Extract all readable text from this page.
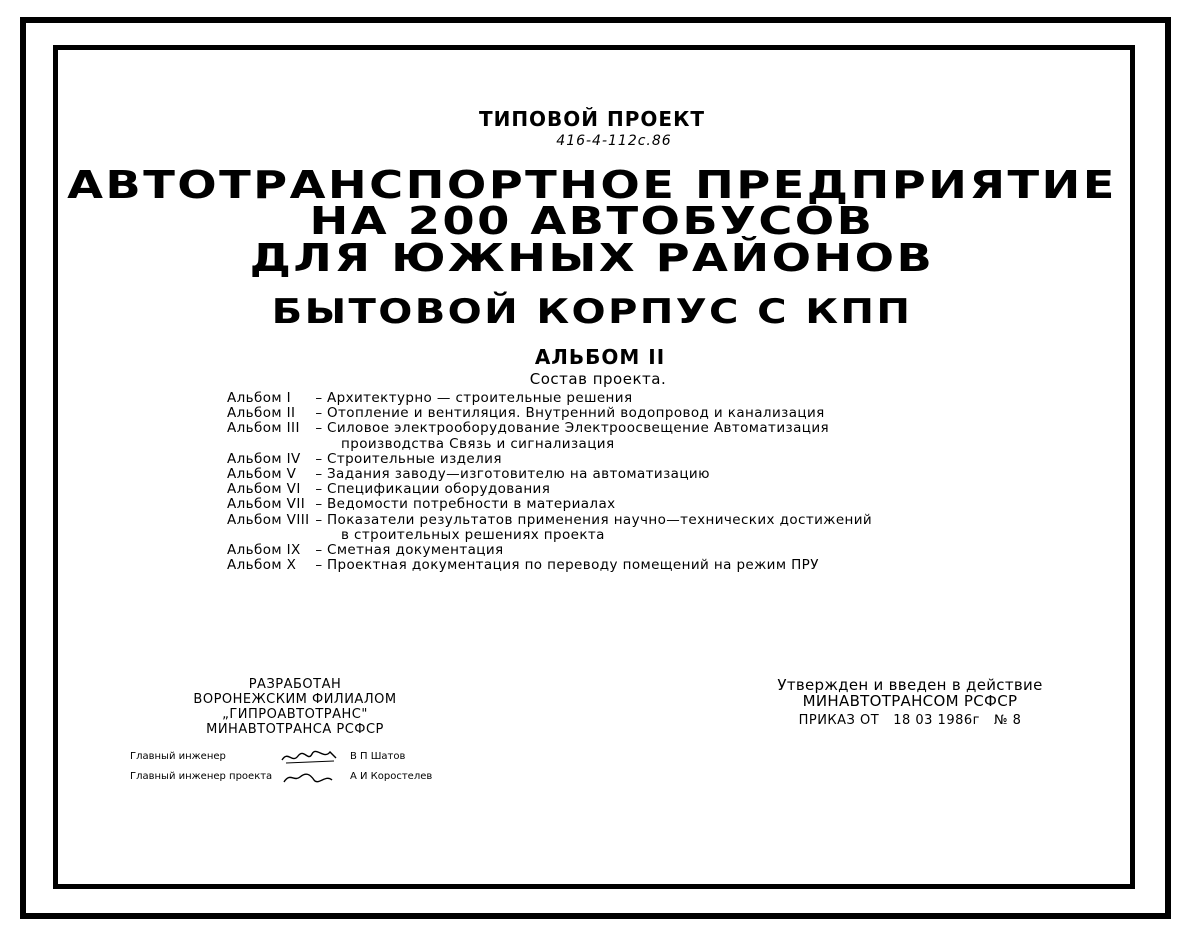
ТИПОВОЙ ПРОЕКТ
416-4-112с.86
АВТОТРАНСПОРТНОЕ ПРЕДПРИЯТИЕ
НА 200 АВТОБУСОВ
ДЛЯ ЮЖНЫХ РАЙОНОВ
БЫТОВОЙ КОРПУС С КПП
АЛЬБОМ II
Состав проекта.
Альбом I	– Архитектурно — строительные решения
Альбом II	– Отопление и вентиляция. Внутренний водопровод и канализация
Альбом III	– Силовое электрооборудование Электроосвещение Автоматизация
производства Связь и сигнализация
Альбом IV	– Строительные изделия
Альбом V	– Задания заводу—изготовителю на автоматизацию
Альбом VI	– Спецификации оборудования
Альбом VII – Ведомости потребности в материалах
Альбом VIII – Показатели результатов применения научно—технических достижений
в строительных решениях проекта
Альбом IX	– Сметная документация
Альбом X	– Проектная документация по переводу помещений на режим ПРУ
РАЗРАБОТАН
ВОРОНЕЖСКИМ ФИЛИАЛОМ „ГИПРОАВТОТРАНС"
МИНАВТОТРАНСА РСФСР
Главный инженер	В П Шатов
Главный инженер проекта	А И Коростелев
Утвержден и введен в действие
МИНАВТОТРАНСОМ РСФСР
ПРИКАЗ ОТ 18 03 1986г № 8
